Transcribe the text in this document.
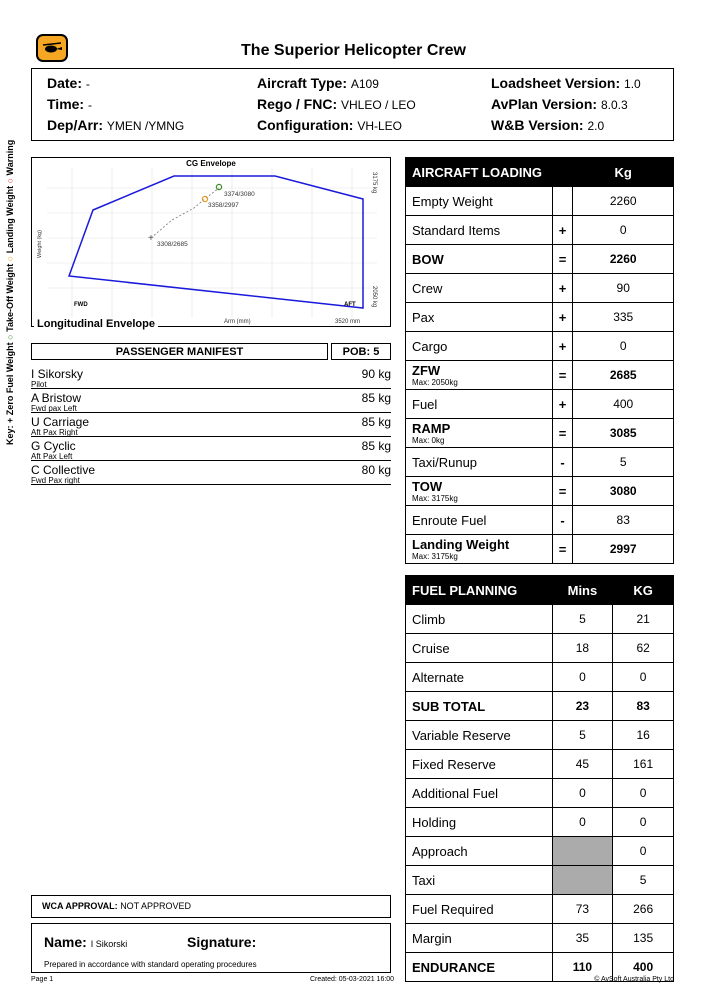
The Superior Helicopter Crew
Date: -
Time: -
Dep/Arr: YMEN /YMNG
Aircraft Type: A109
Rego / FNC: VHLEO / LEO
Configuration: VH-LEO
Loadsheet Version: 1.0
AvPlan Version: 8.0.3
W&B Version: 2.0
Key: + Zero Fuel Weight ○ Take-Off Weight ○ Landing Weight ○ Warning
+
3374/3080
3358/2997
3308/2685
FWD	AFT
Arm (mm)	3520 mm
Weight (kg)
3175 kg
2050 kg
CG Envelope
Longitudinal Envelope
PASSENGER MANIFEST	POB: 5
I Sikorsky
Pilot
90 kg
A Bristow
Fwd pax Left
85 kg
U Carriage
Aft Pax Right
85 kg
G Cyclic
Aft Pax Left
85 kg
C Collective
Fwd Pax right
80 kg
AIRCRAFT LOADING		Kg
Empty Weight		2260
Standard Items	+	0
BOW	=	2260
Crew	+	90
Pax	+	335
Cargo	+	0
ZFW
Max: 2050kg	=	2685
Fuel	+	400
RAMP
Max: 0kg	=	3085
Taxi/Runup	-	5
TOW
Max: 3175kg	=	3080
Enroute Fuel	-	83
Landing Weight
Max: 3175kg	=	2997
FUEL PLANNING	Mins	KG
Climb	5	21
Cruise	18	62
Alternate	0	0
SUB TOTAL	23	83
Variable Reserve	5	16
Fixed Reserve	45	161
Additional Fuel	0	0
Holding	0	0
Approach		0
Taxi		5
Fuel Required	73	266
Margin	35	135
ENDURANCE	110	400
WCA APPROVAL: NOT APPROVED
Name: I Sikorski	Signature:
Prepared in accordance with standard operating procedures
Page 1	Created: 05-03-2021 16:00	© AvSoft Australia Pty Ltd
